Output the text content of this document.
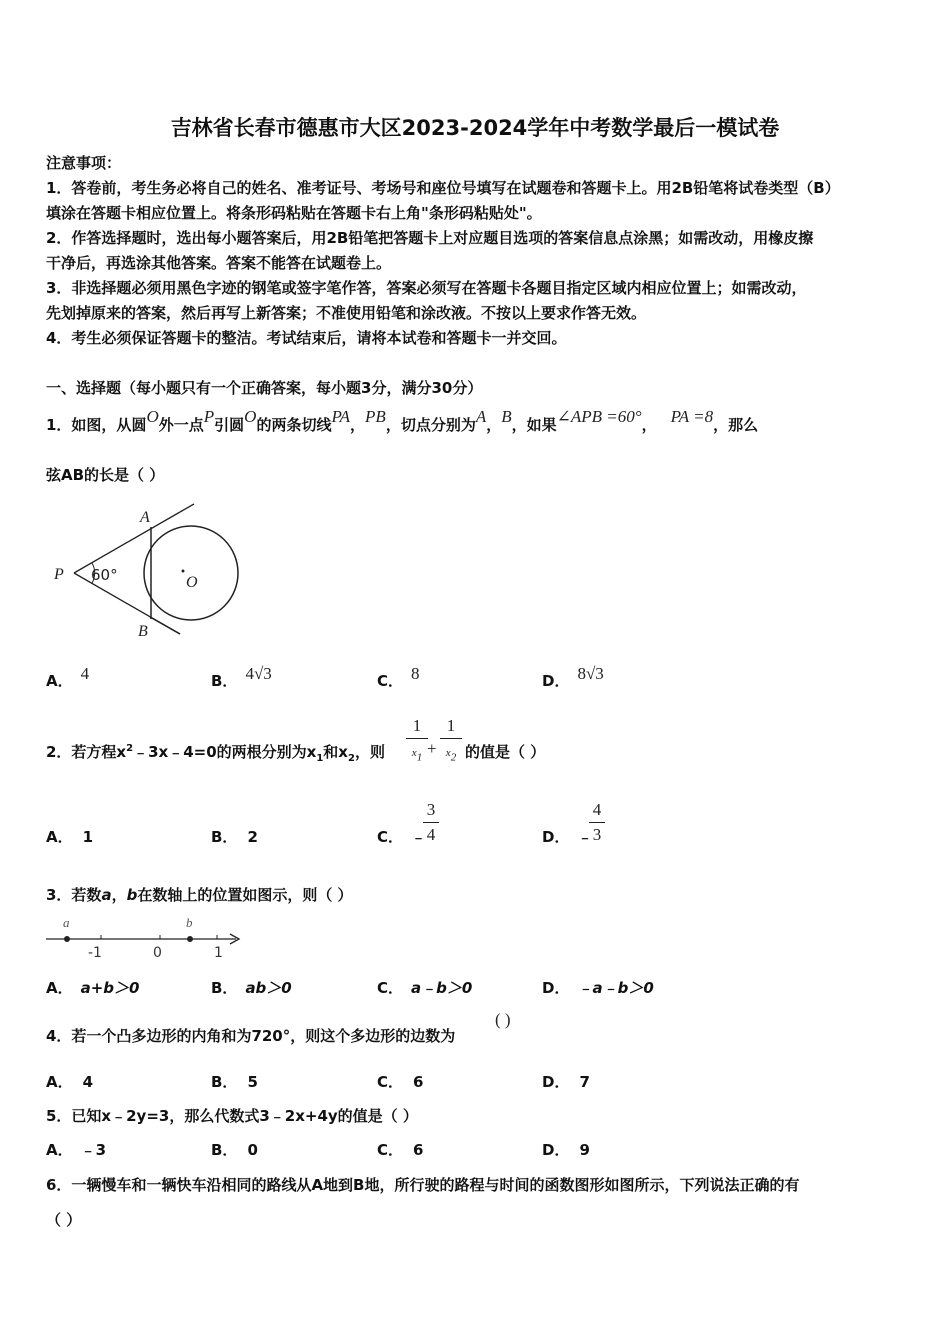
吉林省长春市德惠市大区2023-2024学年中考数学最后一模试卷
注意事项：
1．答卷前，考生务必将自己的姓名、准考证号、考场号和座位号填写在试题卷和答题卡上。用2B铅笔将试卷类型（B）
填涂在答题卡相应位置上。将条形码粘贴在答题卡右上角"条形码粘贴处"。
2．作答选择题时，选出每小题答案后，用2B铅笔把答题卡上对应题目选项的答案信息点涂黑；如需改动，用橡皮擦
干净后，再选涂其他答案。答案不能答在试题卷上。
3．非选择题必须用黑色字迹的钢笔或签字笔作答，答案必须写在答题卡各题目指定区域内相应位置上；如需改动，
先划掉原来的答案，然后再写上新答案；不准使用铅笔和涂改液。不按以上要求作答无效。
4．考生必须保证答题卡的整洁。考试结束后，请将本试卷和答题卡一并交回。
一、选择题（每小题只有一个正确答案，每小题3分，满分30分）
1．如图，从圆O外一点P引圆O的两条切线PA，PB，切点分别为A，B，如果∠APB =60°， PA =8，那么
弦AB的长是（ ）
A
B
P	O
60°
A． 4	B． 4√3	C． 8	D． 8√3
2．若方程$x^2﹣3x﹣4=0$的两根分别为$x_1$和$x_2$，则
1
$x_1$ +
1
$x_2$ 的值是（ ）
A． 1	B． 2	C． ﹣
3
4	D． ﹣
4
3
3．若数a，b在数轴上的位置如图示，则（ ）
a	b
-1	0	1
A． a+b＞0	B． ab＞0	C． a﹣b＞0	D． ﹣a﹣b＞0
4．若一个凸多边形的内角和为720°，则这个多边形的边数为
( )
A． 4	B． 5	C． 6	D． 7
5．已知x﹣2y=3，那么代数式3﹣2x+4y的值是（ ）
A． ﹣3	B． 0	C． 6	D． 9
6．一辆慢车和一辆快车沿相同的路线从A地到B地，所行驶的路程与时间的函数图形如图所示，下列说法正确的有
（ ）
